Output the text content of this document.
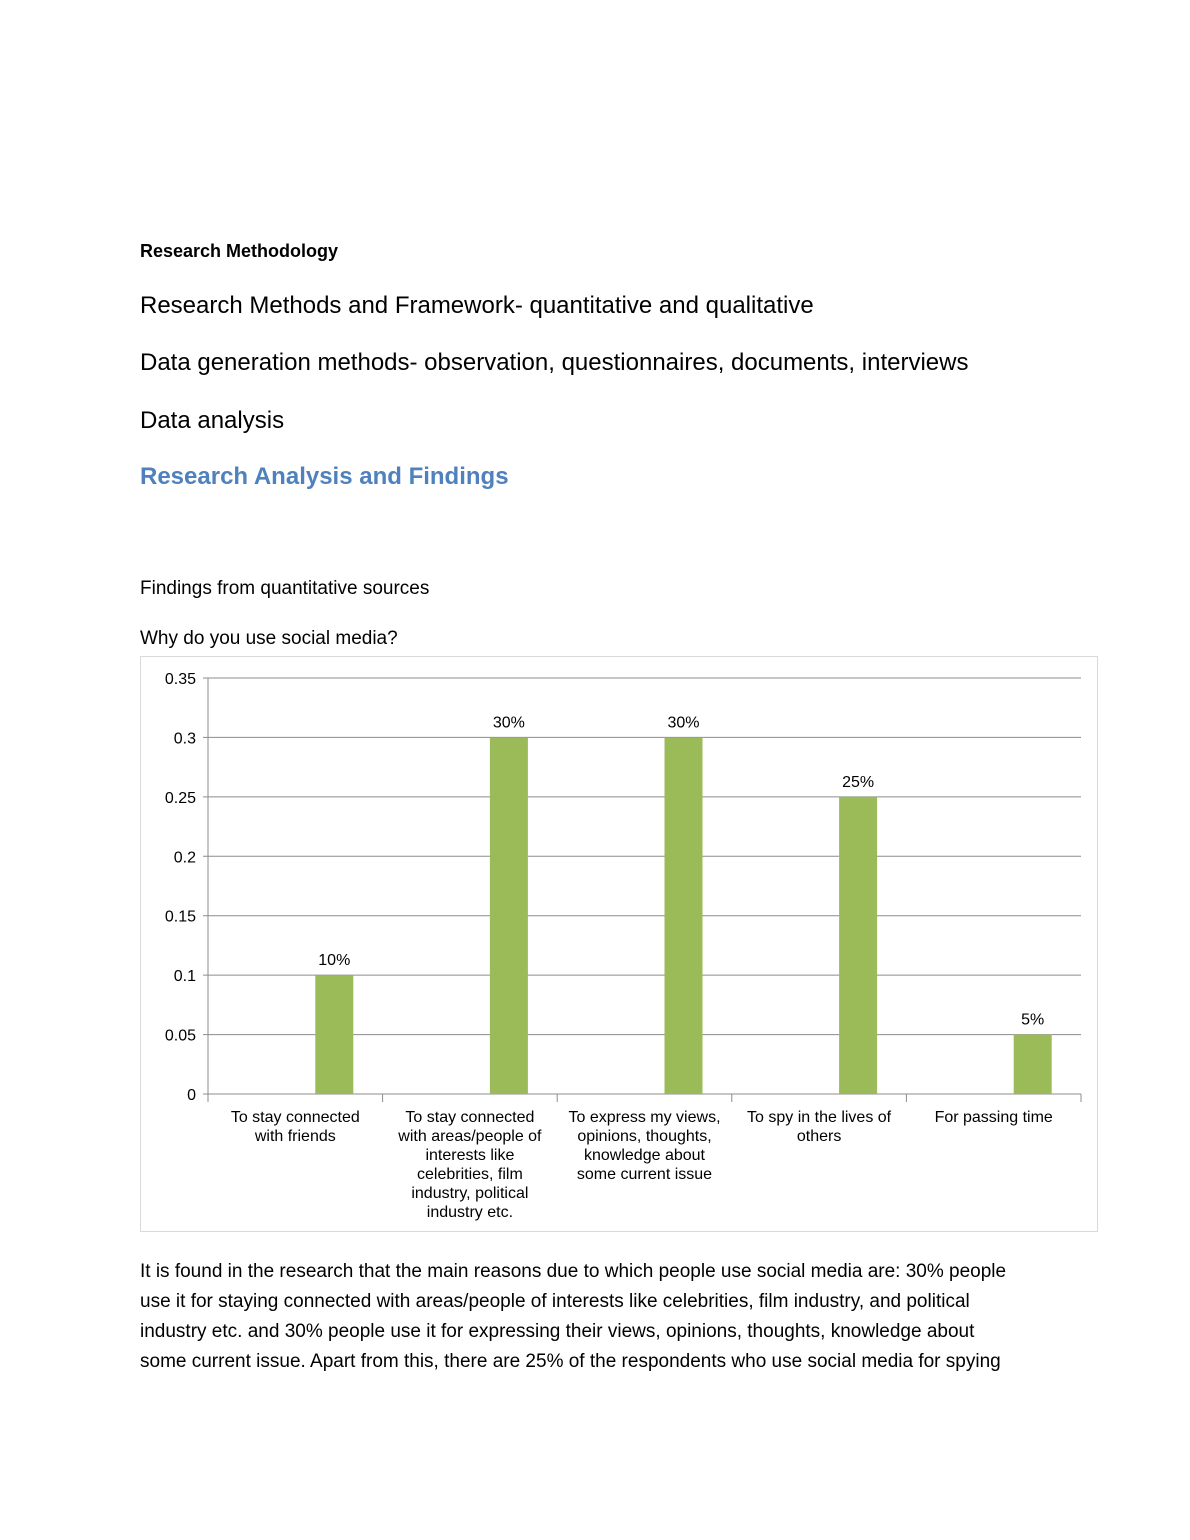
Research Methodology
Research Methods and Framework- quantitative and qualitative
Data generation methods- observation, questionnaires, documents, interviews
Data analysis
Research Analysis and Findings
Findings from quantitative sources
Why do you use social media?
0
0.05
0.1
0.15
0.2
0.25
0.3
0.35
10%
To stay connected with friends
30%
To stay connected with areas/people of interests like celebrities, film industry, political industry etc.
30%
To express my views, opinions, thoughts, knowledge about some current issue
25%
To spy in the lives of others
5%
For passing time
It is found in the research that the main reasons due to which people use social media are: 30% people
use it for staying connected with areas/people of interests like celebrities, film industry, and political
industry etc. and 30% people use it for expressing their views, opinions, thoughts, knowledge about
some current issue. Apart from this, there are 25% of the respondents who use social media for spying
